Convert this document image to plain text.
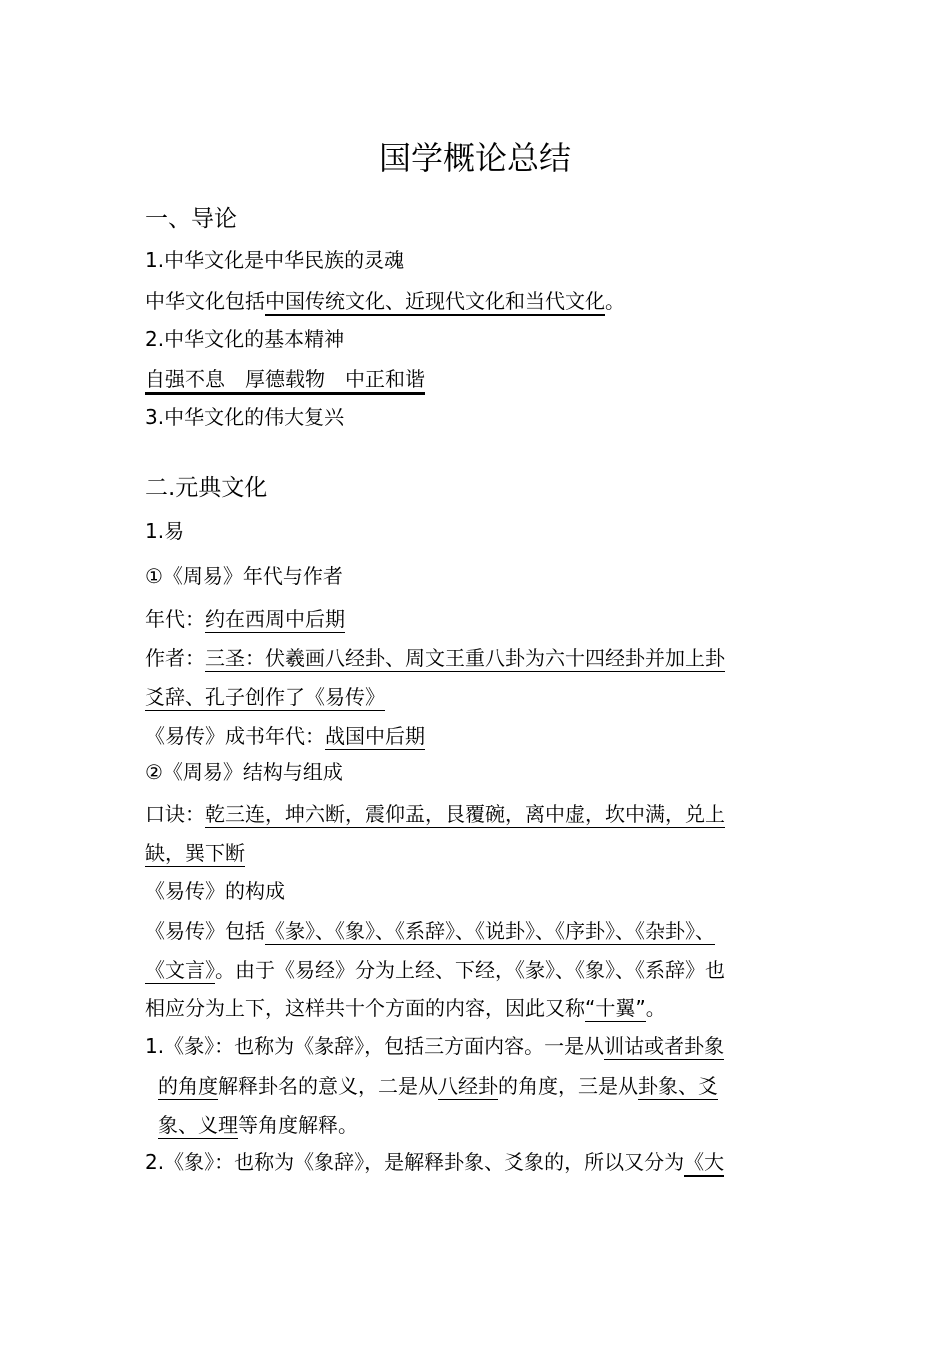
国学概论总结
一、导论
1.中华文化是中华民族的灵魂
中华文化包括中国传统文化、近现代文化和当代文化。
2.中华文化的基本精神
自强不息　厚德载物　中正和谐
3.中华文化的伟大复兴
二.元典文化
1.易
①《周易》年代与作者
年代：约在西周中后期
作者：三圣：伏羲画八经卦、周文王重八卦为六十四经卦并加上卦
爻辞、孔子创作了《易传》
《易传》成书年代：战国中后期
②《周易》结构与组成
口诀：乾三连，坤六断，震仰盂，艮覆碗，离中虚，坎中满，兑上
缺，巽下断
《易传》的构成
《易传》包括《彖》、《象》、《系辞》、《说卦》、《序卦》、《杂卦》、
《文言》。由于《易经》分为上经、下经，《彖》、《象》、《系辞》也
相应分为上下，这样共十个方面的内容，因此又称“十翼”。
1.《彖》：也称为《彖辞》，包括三方面内容。一是从训诂或者卦象
的角度解释卦名的意义，二是从八经卦的角度，三是从卦象、爻
象、义理等角度解释。
2.《象》：也称为《象辞》，是解释卦象、爻象的，所以又分为《大
